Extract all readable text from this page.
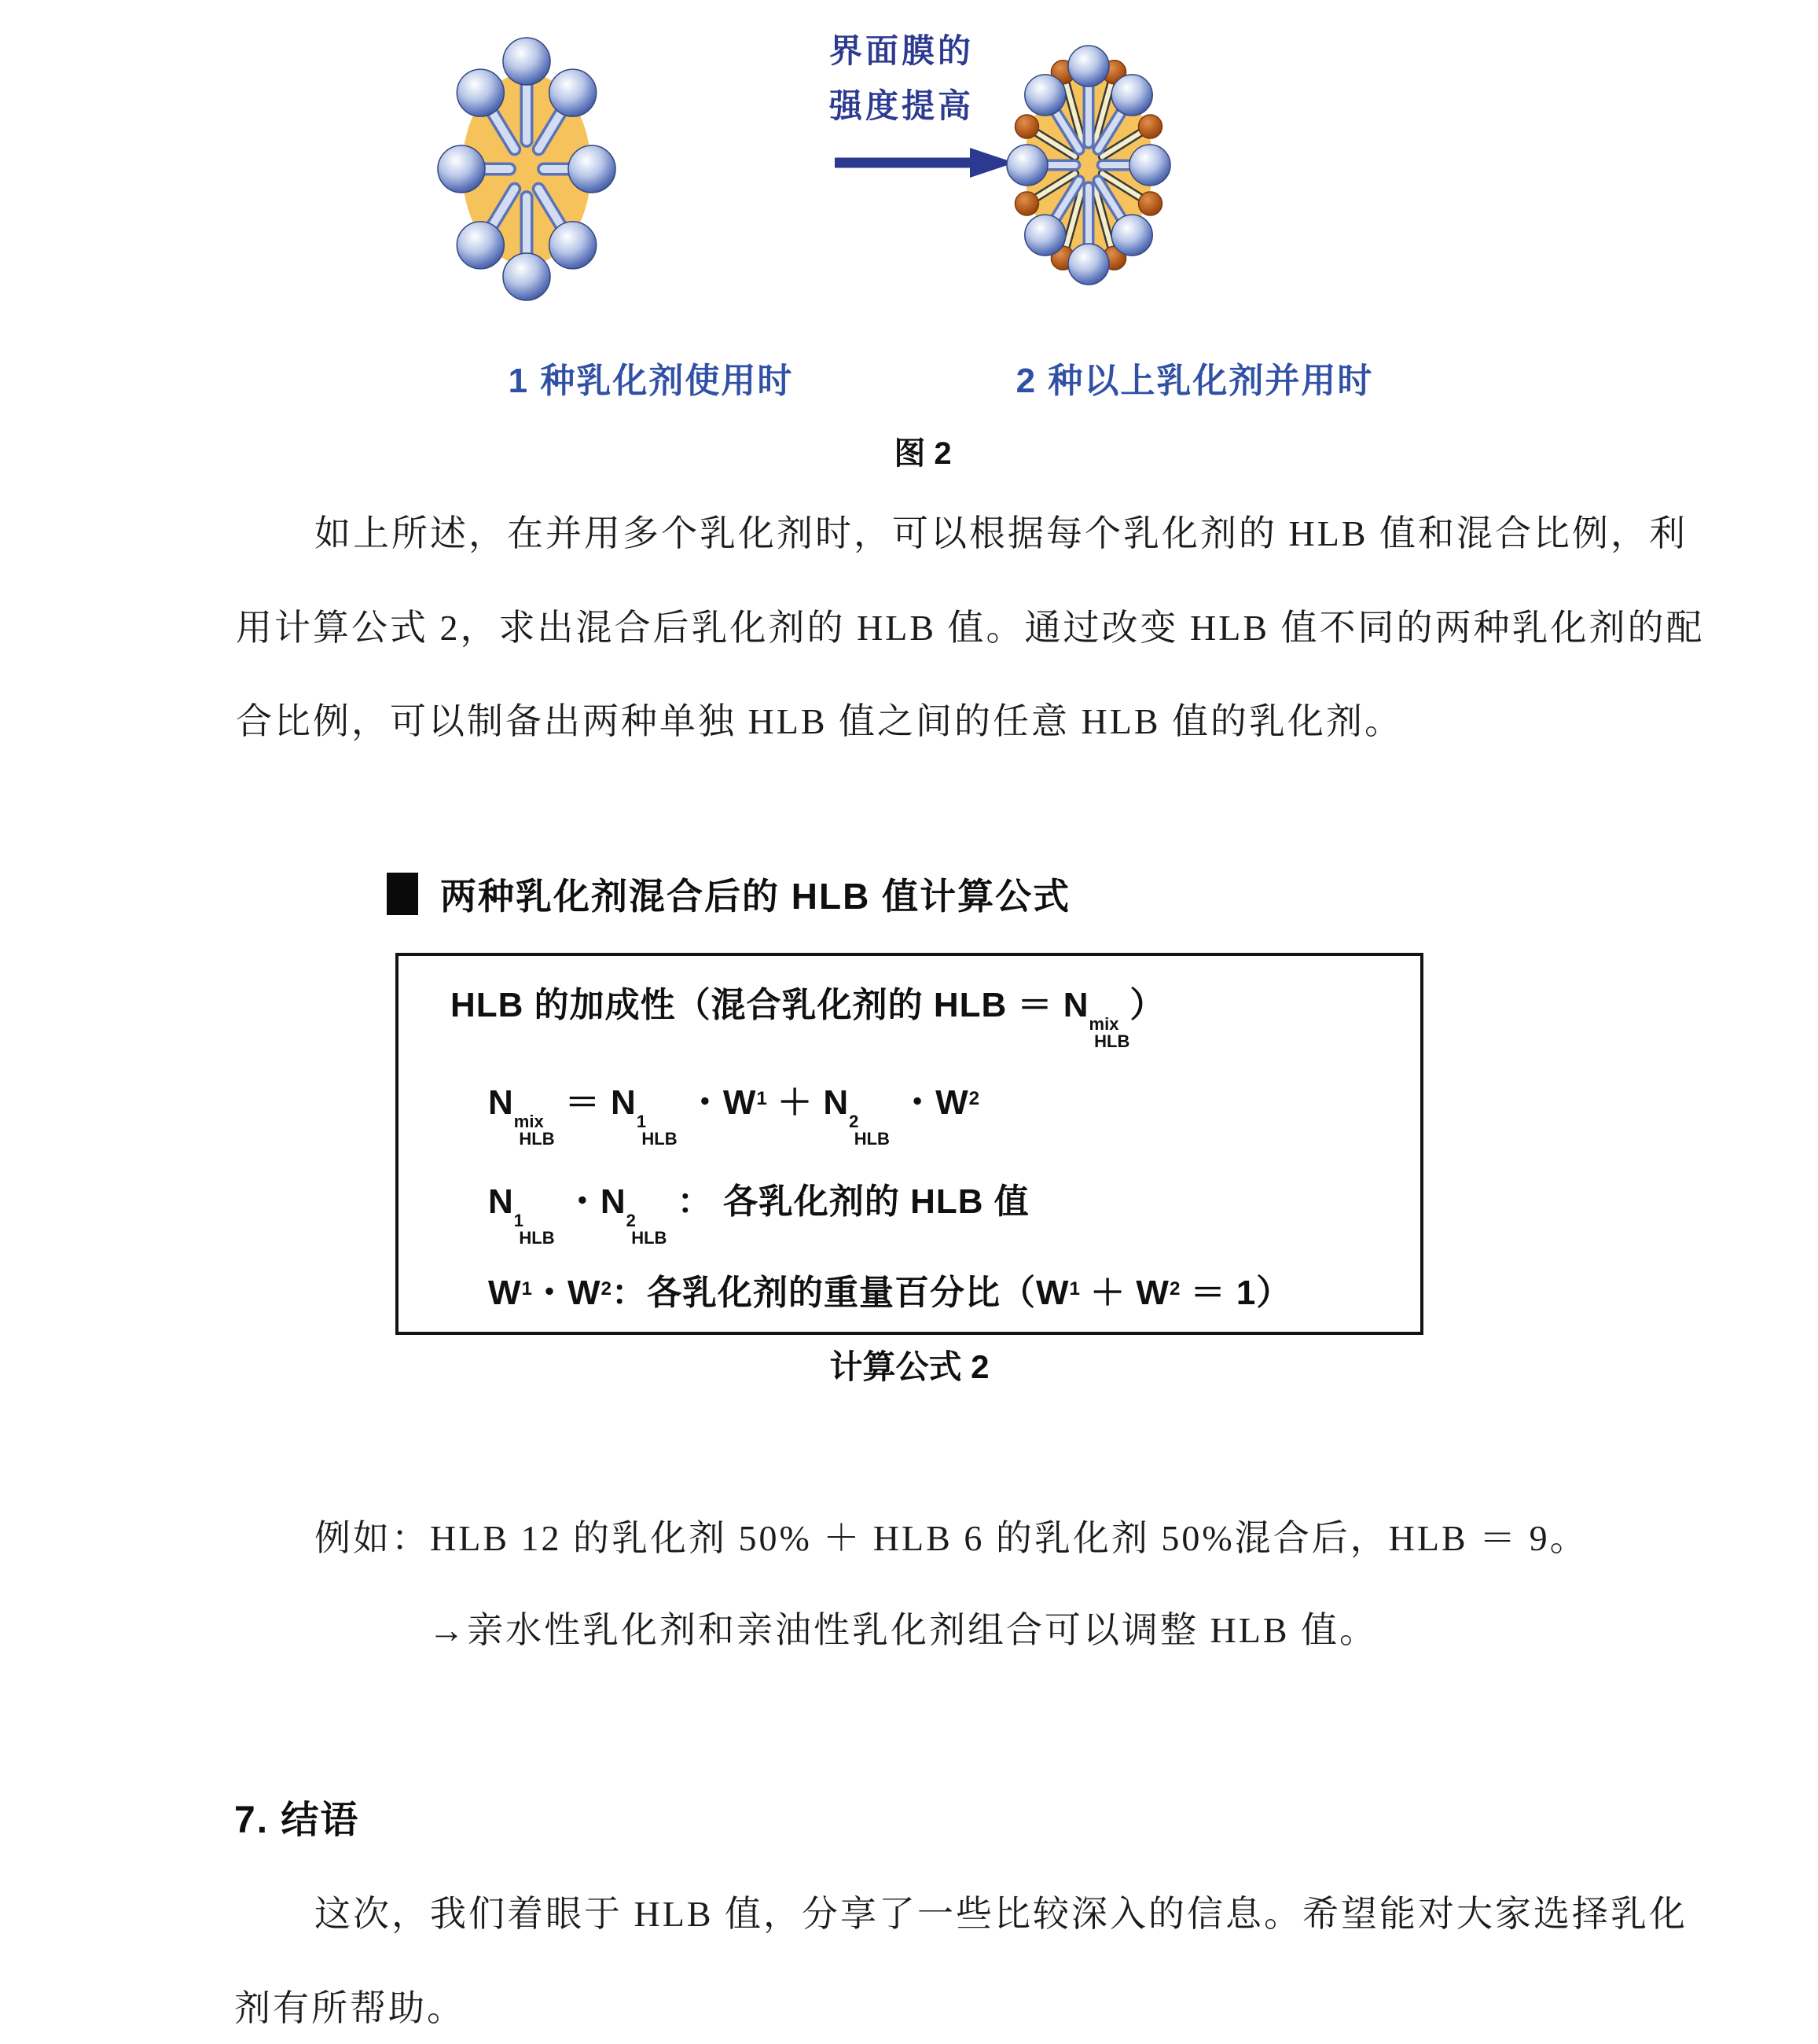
界面膜的
强度提高
1 种乳化剂使用时	2 种以上乳化剂并用时
图 2
如上所述，在并用多个乳化剂时，可以根据每个乳化剂的 HLB 值和混合比例，利
用计算公式 2，求出混合后乳化剂的 HLB 值。通过改变 HLB 值不同的两种乳化剂的配
合比例，可以制备出两种单独 HLB 值之间的任意 HLB 值的乳化剂。
两种乳化剂混合后的 HLB 值计算公式
HLB 的加成性（混合乳化剂的 HLB ＝ N mix
HLB
）
N mix
HLB
＝ N 1
HLB
・$W^1 + N$ 2
HLB
・$W^2$
N 1
HLB
・N 2
HLB
： 各乳化剂的 HLB 值
$W^1$・$W^2$：各乳化剂的重量百分比$(W^1 + W^2 = 1)$
计算公式 2
例如：HLB 12 的乳化剂 50% ＋ HLB 6 的乳化剂 50%混合后，HLB ＝ 9。
→亲水性乳化剂和亲油性乳化剂组合可以调整 HLB 值。
7. 结语
这次，我们着眼于 HLB 值，分享了一些比较深入的信息。希望能对大家选择乳化
剂有所帮助。
